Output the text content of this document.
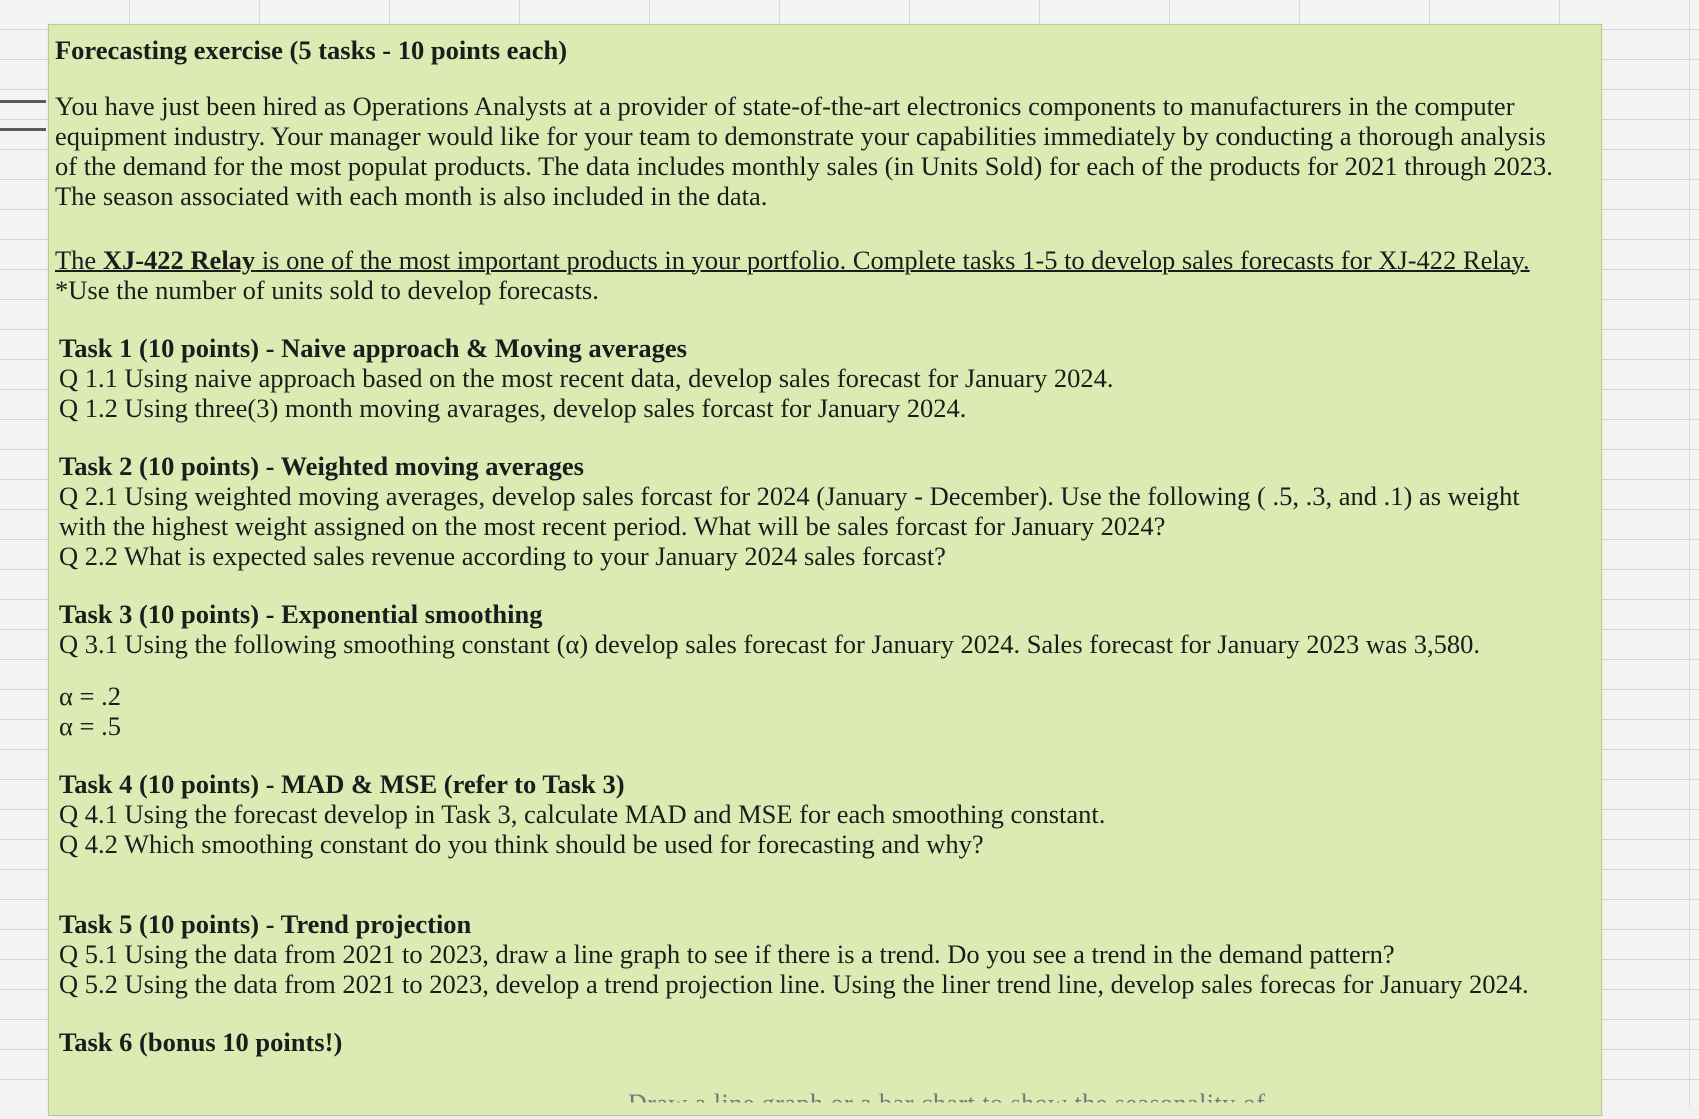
Forecasting exercise (5 tasks - 10 points each)
You have just been hired as Operations Analysts at a provider of state-of-the-art electronics components to manufacturers in the computer
equipment industry. Your manager would like for your team to demonstrate your capabilities immediately by conducting a thorough analysis
of the demand for the most populat products. The data includes monthly sales (in Units Sold) for each of the products for 2021 through 2023.
The season associated with each month is also included in the data.
The XJ-422 Relay is one of the most important products in your portfolio. Complete tasks 1-5 to develop sales forecasts for XJ-422 Relay.
*Use the number of units sold to develop forecasts.
Task 1 (10 points) - Naive approach & Moving averages
Q 1.1 Using naive approach based on the most recent data, develop sales forecast for January 2024.
Q 1.2 Using three(3) month moving avarages, develop sales forcast for January 2024.
Task 2 (10 points) - Weighted moving averages
Q 2.1 Using weighted moving averages, develop sales forcast for 2024 (January - December). Use the following ( .5, .3, and .1) as weight
with the highest weight assigned on the most recent period. What will be sales forcast for January 2024?
Q 2.2 What is expected sales revenue according to your January 2024 sales forcast?
Task 3 (10 points) - Exponential smoothing
Q 3.1 Using the following smoothing constant (α) develop sales forecast for January 2024. Sales forecast for January 2023 was 3,580.
α = .2
α = .5
Task 4 (10 points) - MAD & MSE (refer to Task 3)
Q 4.1 Using the forecast develop in Task 3, calculate MAD and MSE for each smoothing constant.
Q 4.2 Which smoothing constant do you think should be used for forecasting and why?
Task 5 (10 points) - Trend projection
Q 5.1 Using the data from 2021 to 2023, draw a line graph to see if there is a trend. Do you see a trend in the demand pattern?
Q 5.2 Using the data from 2021 to 2023, develop a trend projection line. Using the liner trend line, develop sales forecas for January 2024.
Task 6 (bonus 10 points!)
